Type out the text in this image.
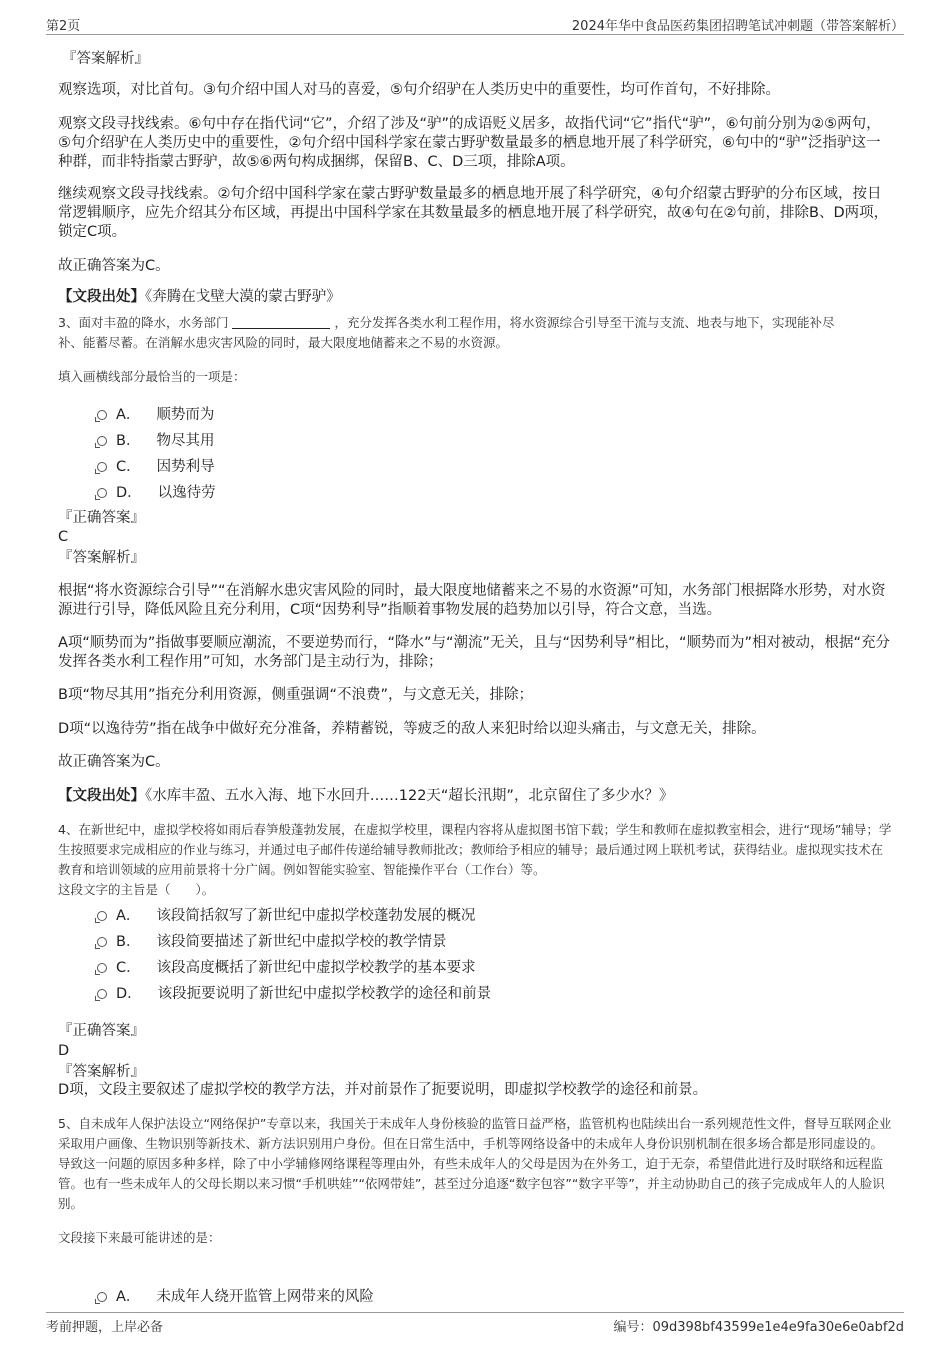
第2页	2024年华中食品医药集团招聘笔试冲刺题（带答案解析）
『答案解析』
观察选项，对比首句。③句介绍中国人对马的喜爱，⑤句介绍驴在人类历史中的重要性，均可作首句，不好排除。
观察文段寻找线索。⑥句中存在指代词“它”，介绍了涉及“驴”的成语贬义居多，故指代词“它”指代“驴”，⑥句前分别为②⑤两句，⑤句介绍驴在人类历史中的重要性，②句介绍中国科学家在蒙古野驴数量最多的栖息地开展了科学研究，⑥句中的“驴”泛指驴这一种群，而非特指蒙古野驴，故⑤⑥两句构成捆绑，保留B、C、D三项，排除A项。
继续观察文段寻找线索。②句介绍中国科学家在蒙古野驴数量最多的栖息地开展了科学研究，④句介绍蒙古野驴的分布区域，按日常逻辑顺序，应先介绍其分布区域，再提出中国科学家在其数量最多的栖息地开展了科学研究，故④句在②句前，排除B、D两项，锁定C项。
故正确答案为C。
【文段出处】《奔腾在戈壁大漠的蒙古野驴》
3、面对丰盈的降水，水务部门	，充分发挥各类水利工程作用，将水资源综合引导至干流与支流、地表与地下，实现能补尽
补、能蓄尽蓄。在消解水患灾害风险的同时，最大限度地储蓄来之不易的水资源。
填入画横线部分最恰当的一项是：
A． 顺势而为
B． 物尽其用
C． 因势利导
D． 以逸待劳
『正确答案』
C
『答案解析』
根据“将水资源综合引导”“在消解水患灾害风险的同时，最大限度地储蓄来之不易的水资源”可知，水务部门根据降水形势，对水资源进行引导，降低风险且充分利用，C项“因势利导”指顺着事物发展的趋势加以引导，符合文意，当选。
A项“顺势而为”指做事要顺应潮流，不要逆势而行，“降水”与“潮流”无关，且与“因势利导”相比，“顺势而为”相对被动，根据“充分发挥各类水利工程作用”可知，水务部门是主动行为，排除；
B项“物尽其用”指充分利用资源，侧重强调“不浪费”，与文意无关，排除；
D项“以逸待劳”指在战争中做好充分准备，养精蓄锐，等疲乏的敌人来犯时给以迎头痛击，与文意无关，排除。
故正确答案为C。
【文段出处】《水库丰盈、五水入海、地下水回升……122天“超长汛期”，北京留住了多少水？》
4、在新世纪中，虚拟学校将如雨后春笋般蓬勃发展，在虚拟学校里，课程内容将从虚拟图书馆下载；学生和教师在虚拟教室相会，进行“现场”辅导；学生按照要求完成相应的作业与练习，并通过电子邮件传递给辅导教师批改；教师给予相应的辅导；最后通过网上联机考试，获得结业。虚拟现实技术在教育和培训领域的应用前景将十分广阔。例如智能实验室、智能操作平台（工作台）等。
这段文字的主旨是（　　）。
A． 该段简括叙写了新世纪中虚拟学校蓬勃发展的概况
B． 该段简要描述了新世纪中虚拟学校的教学情景
C． 该段高度概括了新世纪中虚拟学校教学的基本要求
D． 该段扼要说明了新世纪中虚拟学校教学的途径和前景
『正确答案』
D
『答案解析』
D项，文段主要叙述了虚拟学校的教学方法，并对前景作了扼要说明，即虚拟学校教学的途径和前景。
5、自未成年人保护法设立“网络保护”专章以来，我国关于未成年人身份核验的监管日益严格，监管机构也陆续出台一系列规范性文件，督导互联网企业采取用户画像、生物识别等新技术、新方法识别用户身份。但在日常生活中，手机等网络设备中的未成年人身份识别机制在很多场合都是形同虚设的。导致这一问题的原因多种多样，除了中小学辅修网络课程等理由外，有些未成年人的父母是因为在外务工，迫于无奈，希望借此进行及时联络和远程监管。也有一些未成年人的父母长期以来习惯“手机哄娃”“依网带娃”，甚至过分追逐“数字包容”“数字平等”，并主动协助自己的孩子完成成年人的人脸识别。
文段接下来最可能讲述的是：
A． 未成年人绕开监管上网带来的风险
考前押题，上岸必备	编号：09d398bf43599e1e4e9fa30e6e0abf2d
